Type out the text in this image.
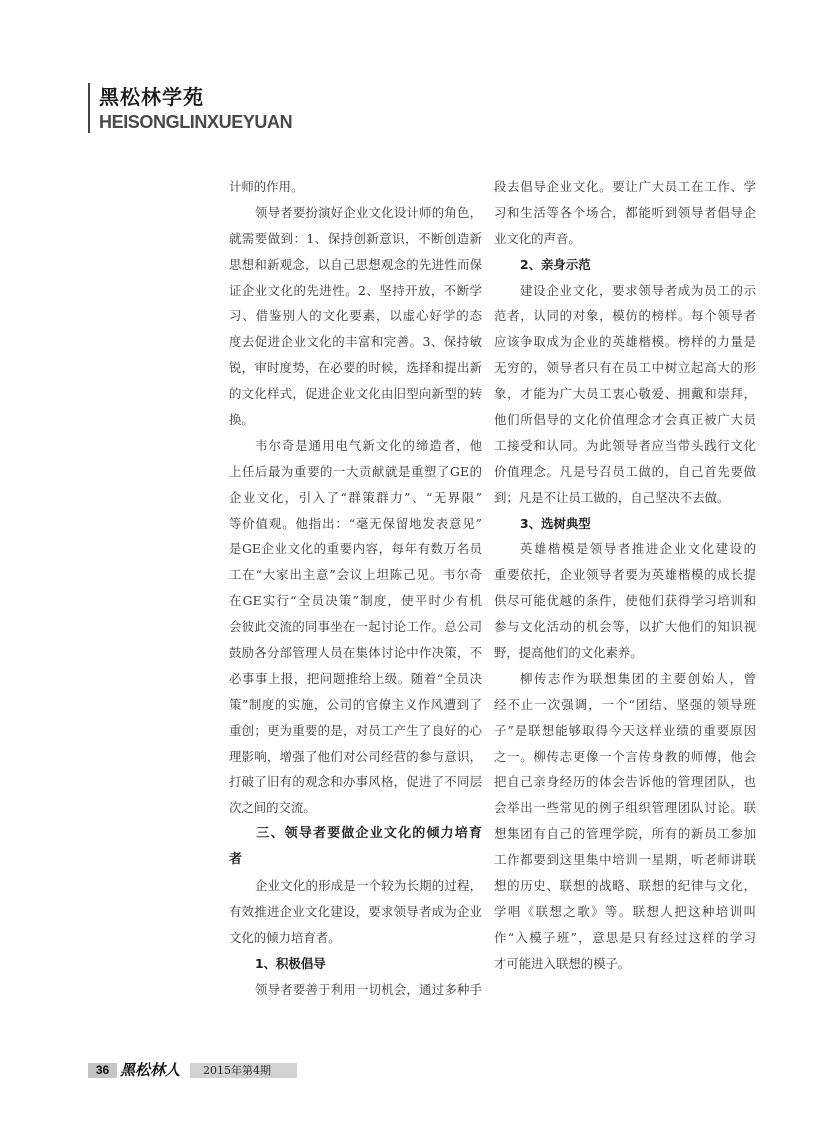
黑松林学苑
HEISONGLINXUEYUAN
计师的作用。
领导者要扮演好企业文化设计师的角色，
就需要做到：1、保持创新意识，不断创造新
思想和新观念，以自己思想观念的先进性而保
证企业文化的先进性。2、坚持开放，不断学
习、借鉴别人的文化要素，以虚心好学的态
度去促进企业文化的丰富和完善。3、保持敏
锐，审时度势，在必要的时候，选择和提出新
的文化样式，促进企业文化由旧型向新型的转
换。
韦尔奇是通用电气新文化的缔造者，他
上任后最为重要的一大贡献就是重塑了GE的
企业文化，引入了“群策群力”、“无界限”
等价值观。他指出：“毫无保留地发表意见”
是GE企业文化的重要内容，每年有数万名员
工在“大家出主意”会议上坦陈己见。韦尔奇
在GE实行“全员决策”制度，使平时少有机
会彼此交流的同事坐在一起讨论工作。总公司
鼓励各分部管理人员在集体讨论中作决策，不
必事事上报，把问题推给上级。随着“全员决
策”制度的实施，公司的官僚主义作风遭到了
重创；更为重要的是，对员工产生了良好的心
理影响，增强了他们对公司经营的参与意识，
打破了旧有的观念和办事风格，促进了不同层
次之间的交流。
三、领导者要做企业文化的倾力培育
者
企业文化的形成是一个较为长期的过程，
有效推进企业文化建设，要求领导者成为企业
文化的倾力培育者。
1、积极倡导
领导者要善于利用一切机会，通过多种手
段去倡导企业文化。要让广大员工在工作、学
习和生活等各个场合，都能听到领导者倡导企
业文化的声音。
2、亲身示范
建设企业文化，要求领导者成为员工的示
范者，认同的对象，模仿的榜样。每个领导者
应该争取成为企业的英雄楷模。榜样的力量是
无穷的，领导者只有在员工中树立起高大的形
象，才能为广大员工衷心敬爱、拥戴和崇拜，
他们所倡导的文化价值理念才会真正被广大员
工接受和认同。为此领导者应当带头践行文化
价值理念。凡是号召员工做的，自己首先要做
到；凡是不让员工做的，自己坚决不去做。
3、选树典型
英雄楷模是领导者推进企业文化建设的
重要依托，企业领导者要为英雄楷模的成长提
供尽可能优越的条件，使他们获得学习培训和
参与文化活动的机会等，以扩大他们的知识视
野，提高他们的文化素养。
柳传志作为联想集团的主要创始人，曾
经不止一次强调，一个“团结、坚强的领导班
子”是联想能够取得今天这样业绩的重要原因
之一。柳传志更像一个言传身教的师傅，他会
把自己亲身经历的体会告诉他的管理团队，也
会举出一些常见的例子组织管理团队讨论。联
想集团有自己的管理学院，所有的新员工参加
工作都要到这里集中培训一星期，听老师讲联
想的历史、联想的战略、联想的纪律与文化，
学唱《联想之歌》等。联想人把这种培训叫
作“入模子班”，意思是只有经过这样的学习
才可能进入联想的模子。
36 黑松林人	2015年第4期
